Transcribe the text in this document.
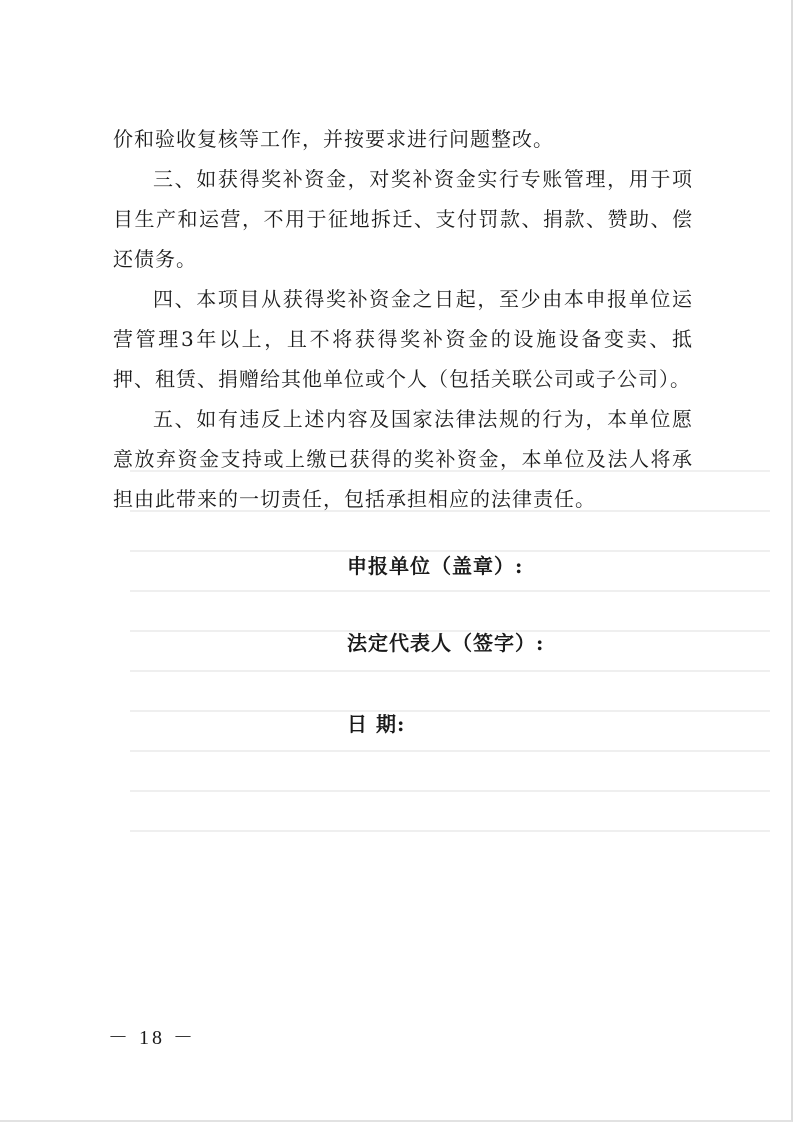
价和验收复核等工作，并按要求进行问题整改。

三、如获得奖补资金，对奖补资金实行专账管理，用于项目生产和运营，不用于征地拆迁、支付罚款、捐款、赞助、偿还债务。

四、本项目从获得奖补资金之日起，至少由本申报单位运营管理3年以上，且不将获得奖补资金的设施设备变卖、抵押、租赁、捐赠给其他单位或个人（包括关联公司或子公司）。

五、如有违反上述内容及国家法律法规的行为，本单位愿意放弃资金支持或上缴已获得的奖补资金，本单位及法人将承担由此带来的一切责任，包括承担相应的法律责任。

申报单位（盖章）:
法定代表人（签字）:
日 期:
－ 18 －
